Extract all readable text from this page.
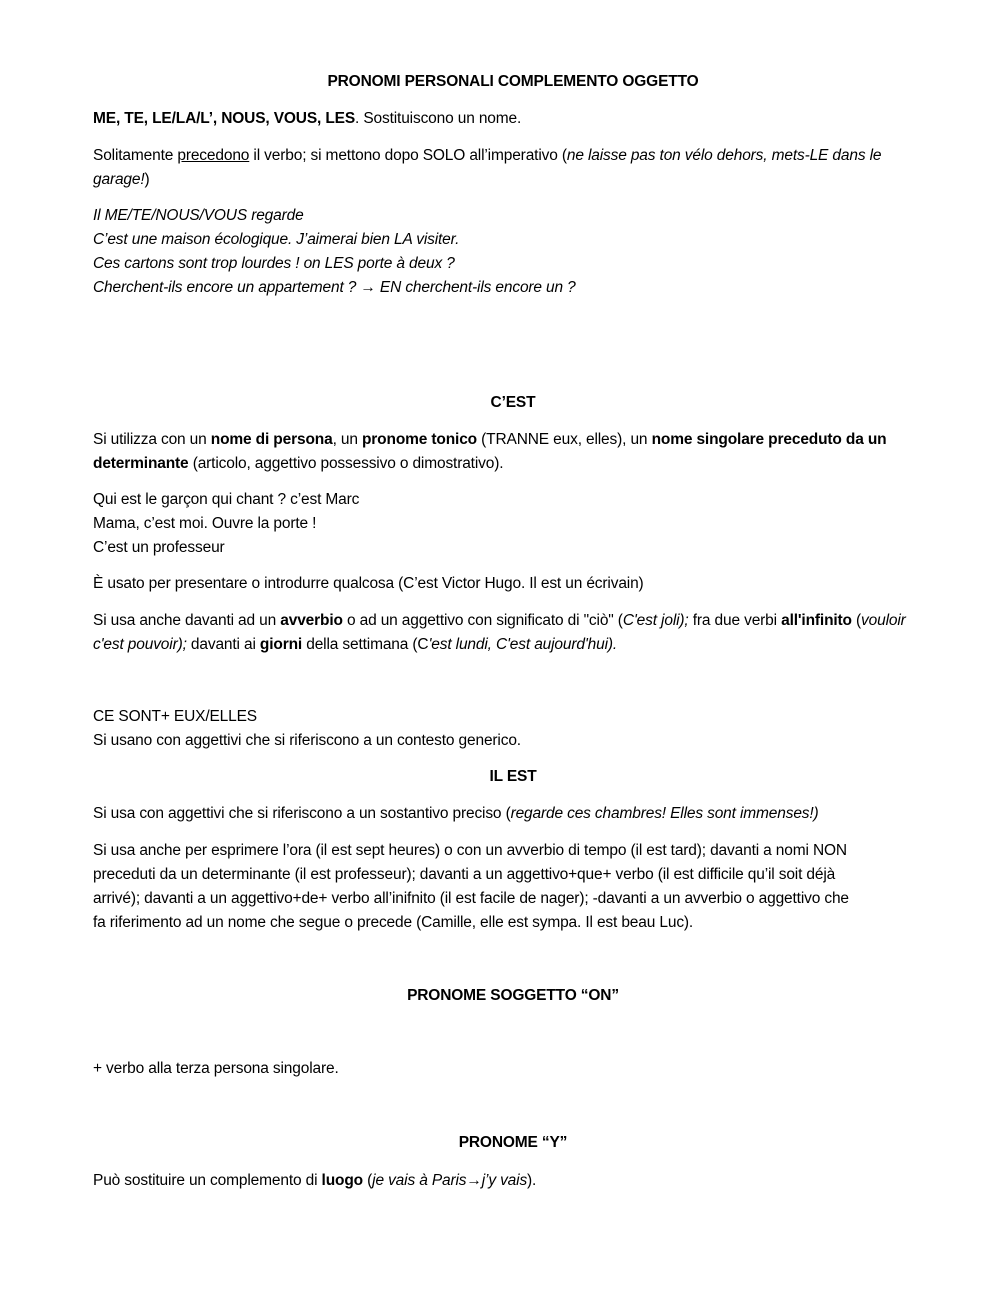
PRONOMI PERSONALI COMPLEMENTO OGGETTO
ME, TE, LE/LA/L’, NOUS, VOUS, LES. Sostituiscono un nome.
Solitamente precedono il verbo; si mettono dopo SOLO all’imperativo (ne laisse pas ton vélo dehors, mets-LE dans le garage!)
Il ME/TE/NOUS/VOUS regarde
C’est une maison écologique. J’aimerai bien LA visiter.
Ces cartons sont trop lourdes ! on LES porte à deux ?
Cherchent-ils encore un appartement ? → EN cherchent-ils encore un ?
C’EST
Si utilizza con un nome di persona, un pronome tonico (TRANNE eux, elles), un nome singolare preceduto da un determinante (articolo, aggettivo possessivo o dimostrativo).
Qui est le garçon qui chant ? c’est Marc
Mama, c’est moi. Ouvre la porte !
C’est un professeur
È usato per presentare o introdurre qualcosa (C’est Victor Hugo. Il est un écrivain)
Si usa anche davanti ad un avverbio o ad un aggettivo con significato di "ciò" (C'est joli); fra due verbi all'infinito (vouloir c'est pouvoir); davanti ai giorni della settimana (C'est lundi, C'est aujourd'hui).
CE SONT+ EUX/ELLES
Si usano con aggettivi che si riferiscono a un contesto generico.
IL EST
Si usa con aggettivi che si riferiscono a un sostantivo preciso (regarde ces chambres! Elles sont immenses!)
Si usa anche per esprimere l’ora (il est sept heures) o con un avverbio di tempo (il est tard); davanti a nomi NON
preceduti da un determinante (il est professeur); davanti a un aggettivo+que+ verbo (il est difficile qu’il soit déjà
arrivé); davanti a un aggettivo+de+ verbo all’inifnito (il est facile de nager); -davanti a un avverbio o aggettivo che
fa riferimento ad un nome che segue o precede (Camille, elle est sympa. Il est beau Luc).
PRONOME SOGGETTO “ON”
+ verbo alla terza persona singolare.
PRONOME “Y”
Può sostituire un complemento di luogo (je vais à Paris→j’y vais).
